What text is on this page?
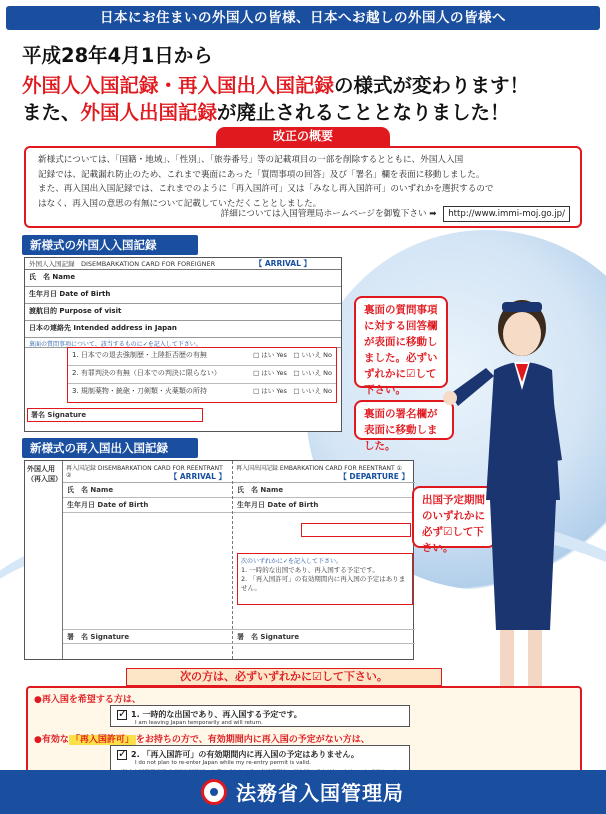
日本にお住まいの外国人の皆様、日本へお越しの外国人の皆様へ
平成28年4月1日から
外国人入国記録・再入国出入国記録の様式が変わります！
また、外国人出国記録が廃止されることとなりました！
改正の概要

新様式については、「国籍・地域」、「性別」、「旅券番号」等の記載項目の一部を削除するとともに、外国人入国

記録では、記載漏れ防止のため、これまで裏面にあった「質問事項の回答」及び「署名」欄を表面に移動しました。

また、再入国出入国記録では、これまでのように「再入国許可」又は「みなし再入国許可」のいずれかを選択するので

はなく、再入国の意思の有無について記載していただくこととしました。

詳細については入国管理局ホームページを御覧下さい ➡ http://www.immi-moj.go.jp/
新様式の外国人入国記録
外国人入国記録　DISEMBARKATION CARD FOR FOREIGNER	【 ARRIVAL 】
氏　名 Name
生年月日 Date of Birth
渡航目的 Purpose of visit
日本の連絡先 Intended address in Japan
裏面の質問事項について、該当するものに✓を記入して下さい。
1. 日本での退去強制歴・上陸拒否歴の有無	□ はい Yes　 □ いいえ No
2. 有罪判決の有無（日本での判決に限らない）	□ はい Yes　 □ いいえ No
3. 規制薬物・銃砲・刀剣類・火薬類の所持	□ はい Yes　 □ いいえ No
署名 Signature
新様式の再入国出入国記録
外国人用（再入国）
再入国記録 DISEMBARKATION CARD FOR REENTRANT ②	【 ARRIVAL 】
氏　名 Name
生年月日 Date of Birth
署　名 Signature
再入国出国記録 EMBARKATION CARD FOR REENTRANT ①
【 DEPARTURE 】
氏　名 Name
生年月日 Date of Birth
次のいずれかに✓を記入して下さい。
1. 一時的な出国であり、再入国する予定です。
2. 「再入国許可」の有効期間内に再入国の予定はありません。
署　名 Signature
裏面の質問事項に対する回答欄が表面に移動しました。必ずいずれかに☑して下さい。
裏面の署名欄が表面に移動しました。
出国予定期間のいずれかに必ず☑して下さい。
次の方は、必ずいずれかに☑して下さい。
●再入国を希望する方は、
✓1. 一時的な出国であり、再入国する予定です。
I am leaving Japan temporarily and will return.
●有効な 「再入国許可」 をお持ちの方で、有効期間内に再入国の予定がない方は、
✓2. 「再入国許可」の有効期間内に再入国の予定はありません。
I do not plan to re-enter Japan while my re-entry permit is valid.
法務省入国管理局
